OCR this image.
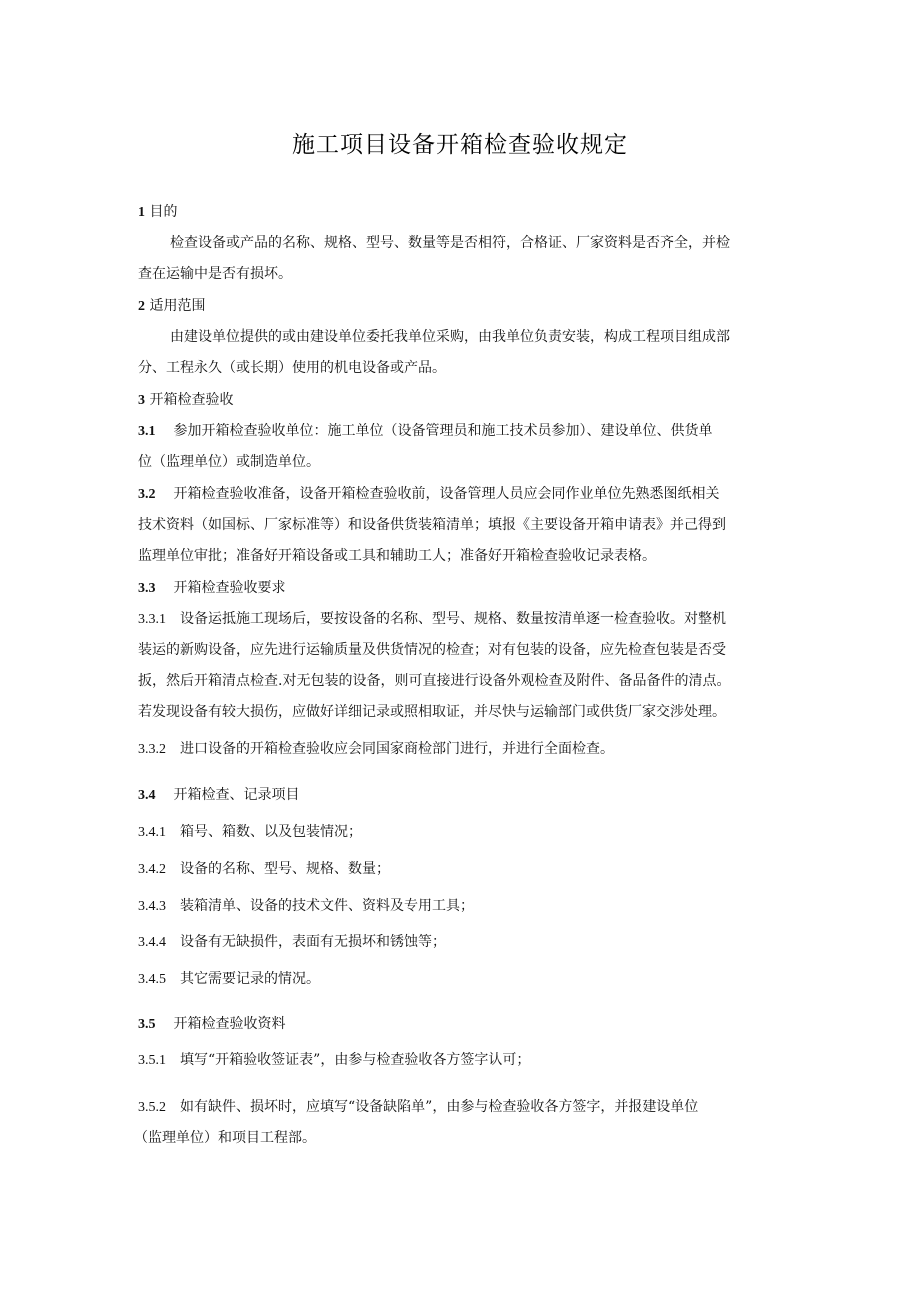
施工项目设备开箱检查验收规定
1 目的
检查设备或产品的名称、规格、型号、数量等是否相符，合格证、厂家资料是否齐全，并检
查在运输中是否有损坏。
2 适用范围
由建设单位提供的或由建设单位委托我单位采购，由我单位负责安装，构成工程项目组成部
分、工程永久（或长期）使用的机电设备或产品。
3 开箱检查验收
3.1 参加开箱检查验收单位：施工单位（设备管理员和施工技术员参加）、建设单位、供货单
位（监理单位）或制造单位。
3.2 开箱检查验收准备，设备开箱检查验收前，设备管理人员应会同作业单位先熟悉图纸相关
技术资料（如国标、厂家标准等）和设备供货装箱清单；填报《主要设备开箱申请表》并己得到
监理单位审批；准备好开箱设备或工具和辅助工人；准备好开箱检查验收记录表格。
3.3 开箱检查验收要求
3.3.1 设备运抵施工现场后，要按设备的名称、型号、规格、数量按清单逐一检查验收。对整机
装运的新购设备，应先进行运输质量及供货情况的检查；对有包装的设备，应先检查包装是否受
扳，然后开箱清点检查.对无包装的设备，则可直接进行设备外观检查及附件、备品备件的清点。
若发现设备有较大损伤，应做好详细记录或照相取证，并尽快与运输部门或供货厂家交涉处理。
3.3.2 进口设备的开箱检查验收应会同国家商检部门进行，并进行全面检查。
3.4 开箱检查、记录项目
3.4.1 箱号、箱数、以及包装情况；
3.4.2 设备的名称、型号、规格、数量；
3.4.3 装箱清单、设备的技术文件、资料及专用工具；
3.4.4 设备有无缺损件，表面有无损坏和锈蚀等；
3.4.5 其它需要记录的情况。
3.5 开箱检查验收资料
3.5.1 填写“开箱验收签证表”，由参与检查验收各方签字认可；
3.5.2 如有缺件、损坏时，应填写“设备缺陷单”，由参与检查验收各方签字，并报建设单位
（监理单位）和项目工程部。
